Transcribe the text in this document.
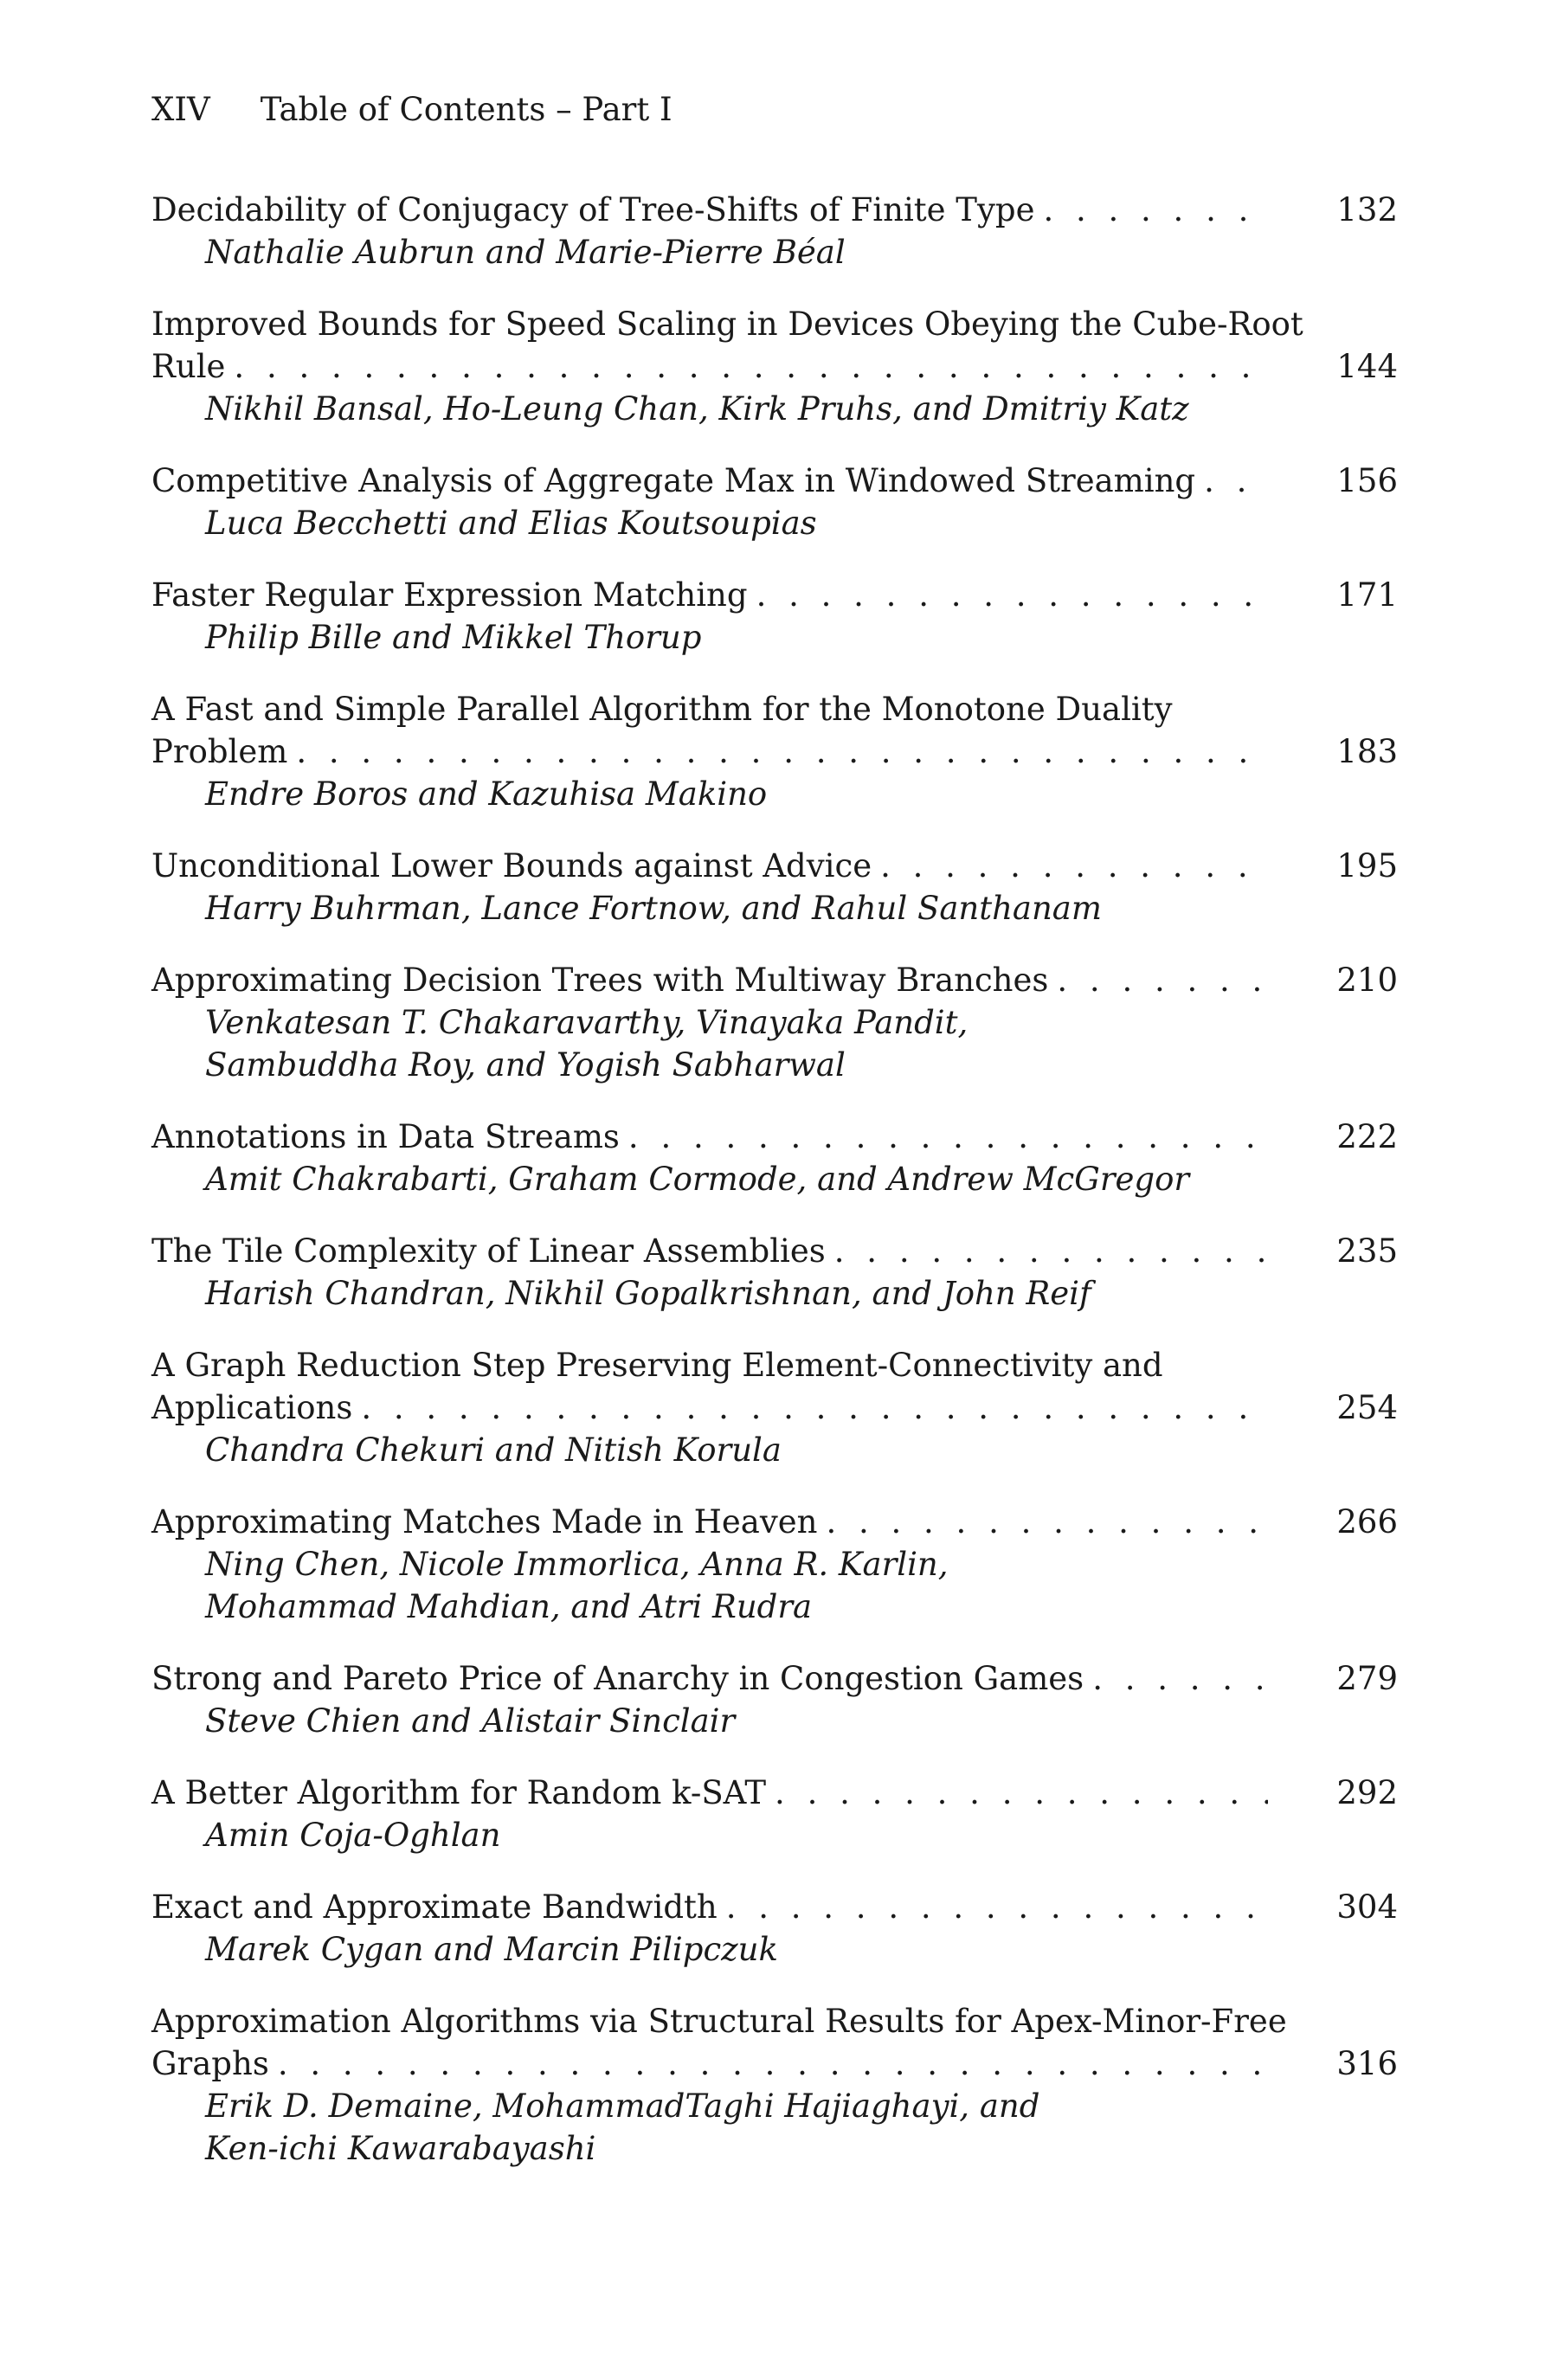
XIV Table of Contents – Part I
Decidability of Conjugacy of Tree-Shifts of Finite Type . . .	132
Nathalie Aubrun and Marie-Pierre Béal
Improved Bounds for Speed Scaling in Devices Obeying the Cube-Root
Rule . . .	144
Nikhil Bansal, Ho-Leung Chan, Kirk Pruhs, and Dmitriy Katz
Competitive Analysis of Aggregate Max in Windowed Streaming . . .	156
Luca Becchetti and Elias Koutsoupias
Faster Regular Expression Matching . . .	171
Philip Bille and Mikkel Thorup
A Fast and Simple Parallel Algorithm for the Monotone Duality
Problem . . .	183
Endre Boros and Kazuhisa Makino
Unconditional Lower Bounds against Advice . . .	195
Harry Buhrman, Lance Fortnow, and Rahul Santhanam
Approximating Decision Trees with Multiway Branches . . .	210
Venkatesan T. Chakaravarthy, Vinayaka Pandit,
Sambuddha Roy, and Yogish Sabharwal
Annotations in Data Streams . . .	222
Amit Chakrabarti, Graham Cormode, and Andrew McGregor
The Tile Complexity of Linear Assemblies . . .	235
Harish Chandran, Nikhil Gopalkrishnan, and John Reif
A Graph Reduction Step Preserving Element-Connectivity and
Applications . . .	254
Chandra Chekuri and Nitish Korula
Approximating Matches Made in Heaven . . .	266
Ning Chen, Nicole Immorlica, Anna R. Karlin,
Mohammad Mahdian, and Atri Rudra
Strong and Pareto Price of Anarchy in Congestion Games . . .	279
Steve Chien and Alistair Sinclair
A Better Algorithm for Random k-SAT . . .	292
Amin Coja-Oghlan
Exact and Approximate Bandwidth . . .	304
Marek Cygan and Marcin Pilipczuk
Approximation Algorithms via Structural Results for Apex-Minor-Free
Graphs . . .	316
Erik D. Demaine, MohammadTaghi Hajiaghayi, and
Ken-ichi Kawarabayashi
